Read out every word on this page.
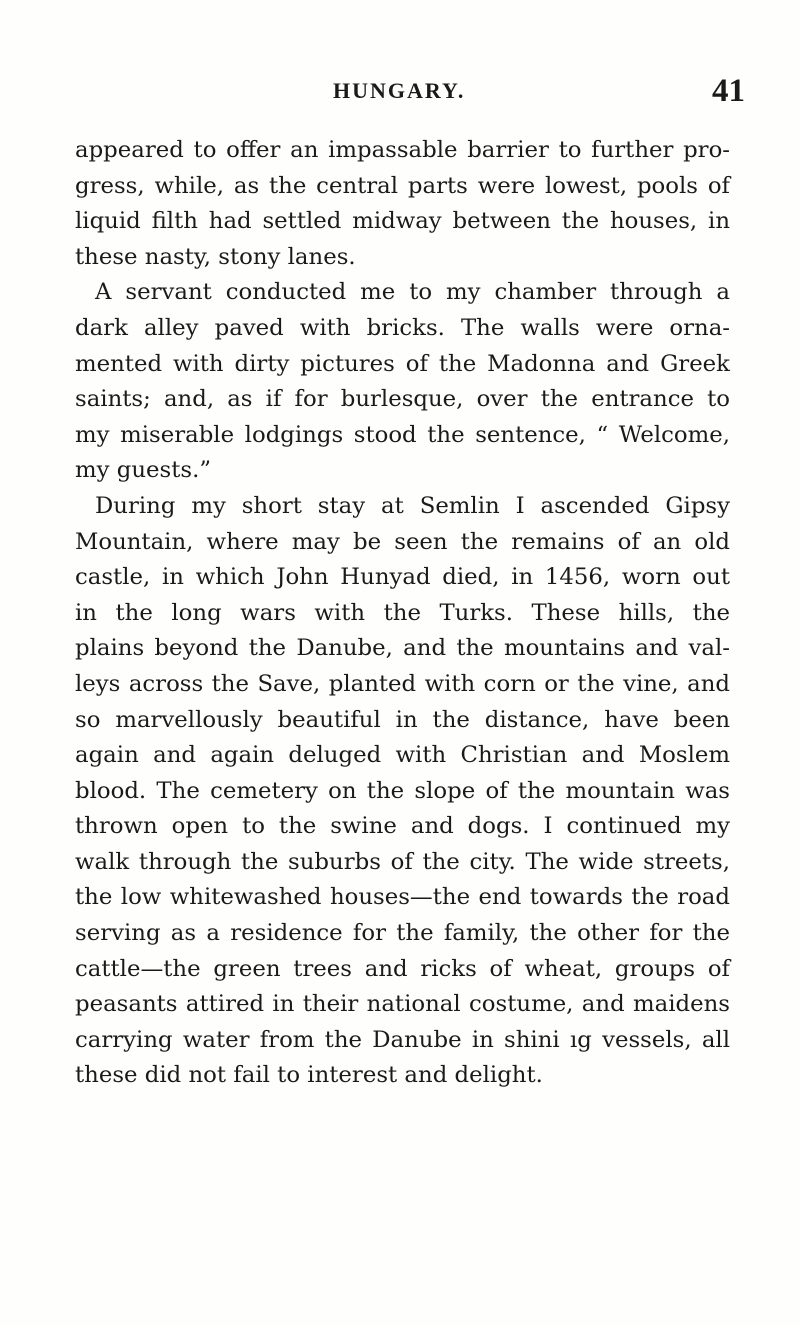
HUNGARY.	41
appeared to offer an impassable barrier to further pro-
gress, while, as the central parts were lowest, pools of
liquid filth had settled midway between the houses, in
these nasty, stony lanes.
A servant conducted me to my chamber through a
dark alley paved with bricks. The walls were orna-
mented with dirty pictures of the Madonna and Greek
saints; and, as if for burlesque, over the entrance to
my miserable lodgings stood the sentence, “ Welcome,
my guests.”
During my short stay at Semlin I ascended Gipsy
Mountain, where may be seen the remains of an old
castle, in which John Hunyad died, in 1456, worn out
in the long wars with the Turks. These hills, the
plains beyond the Danube, and the mountains and val-
leys across the Save, planted with corn or the vine, and
so marvellously beautiful in the distance, have been
again and again deluged with Christian and Moslem
blood. The cemetery on the slope of the mountain was
thrown open to the swine and dogs. I continued my
walk through the suburbs of the city. The wide streets,
the low whitewashed houses—the end towards the road
serving as a residence for the family, the other for the
cattle—the green trees and ricks of wheat, groups of
peasants attired in their national costume, and maidens
carrying water from the Danube in shini ıg vessels, all
these did not fail to interest and delight.
